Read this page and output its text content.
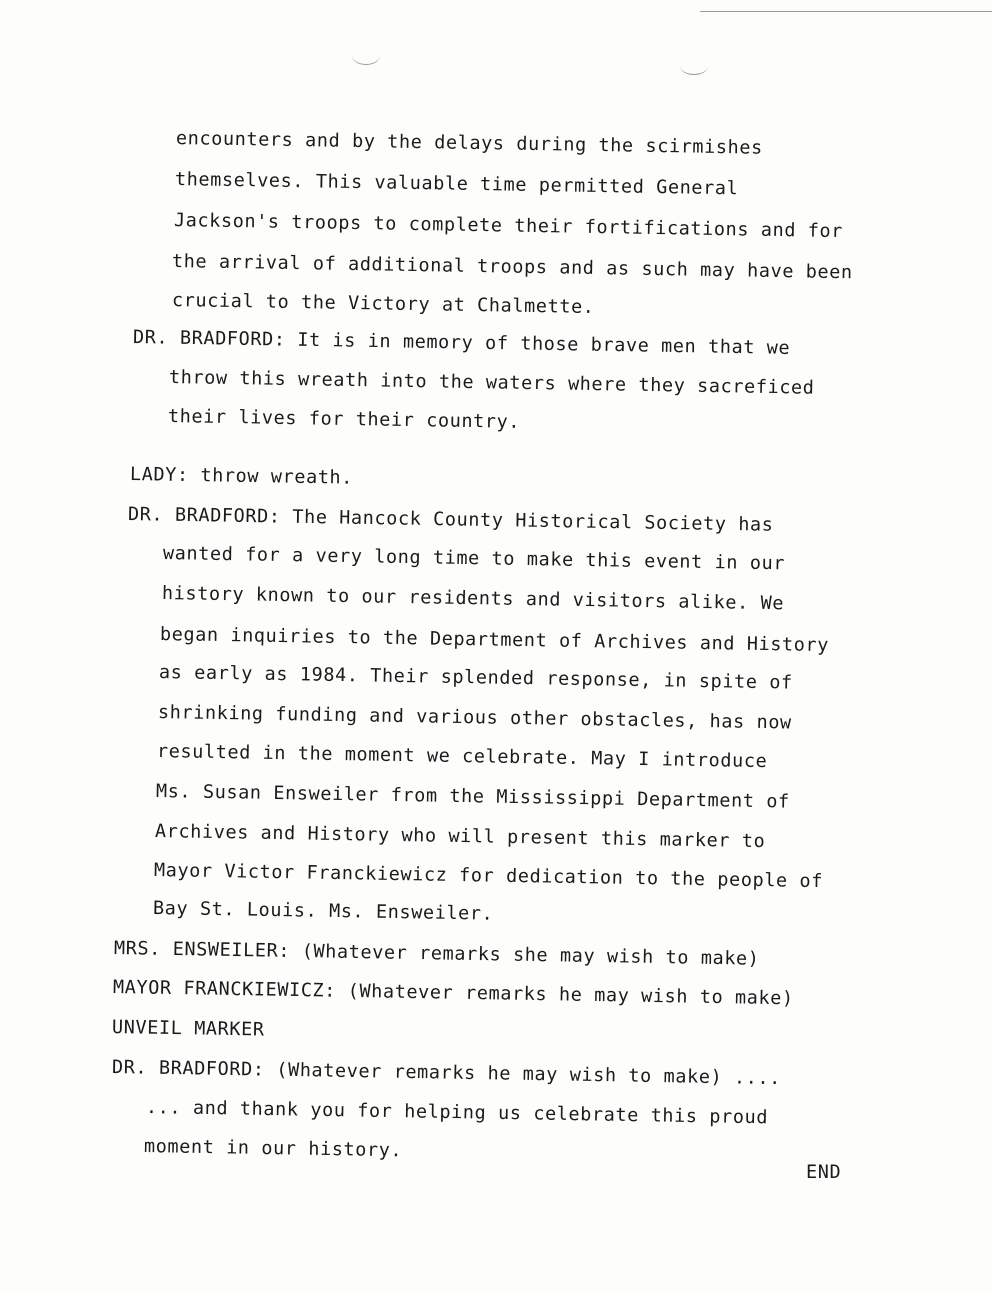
encounters and by the delays during the scirmishes
themselves. This valuable time permitted General
Jackson's troops to complete their fortifications and for
the arrival of additional troops and as such may have been
crucial to the Victory at Chalmette.
DR. BRADFORD: It is in memory of those brave men that we
throw this wreath into the waters where they sacreficed
their lives for their country.
LADY: throw wreath.
DR. BRADFORD: The Hancock County Historical Society has
wanted for a very long time to make this event in our
history known to our residents and visitors alike. We
began inquiries to the Department of Archives and History
as early as 1984. Their splended response, in spite of
shrinking funding and various other obstacles, has now
resulted in the moment we celebrate. May I introduce
Ms. Susan Ensweiler from the Mississippi Department of
Archives and History who will present this marker to
Mayor Victor Franckiewicz for dedication to the people of
Bay St. Louis. Ms. Ensweiler.
MRS. ENSWEILER: (Whatever remarks she may wish to make)
MAYOR FRANCKIEWICZ: (Whatever remarks he may wish to make)
UNVEIL MARKER
DR. BRADFORD: (Whatever remarks he may wish to make) ....
... and thank you for helping us celebrate this proud
moment in our history.
END
